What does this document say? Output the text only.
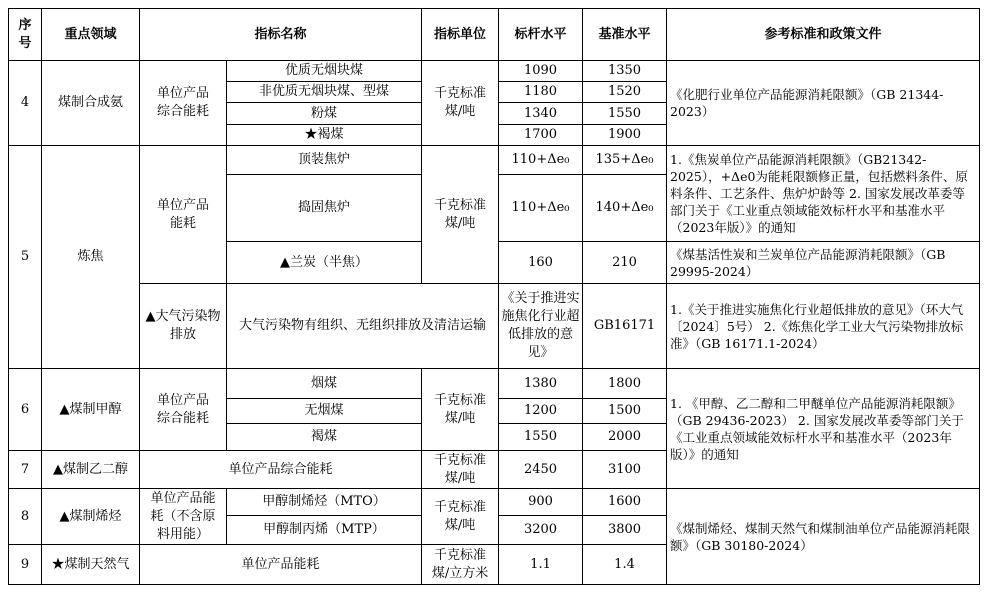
序号	重点领域	指标名称		指标单位	标杆水平	基准水平	参考标准和政策文件
4	煤制合成氨	单位产品综合能耗	优质无烟块煤	千克标准煤/吨	1090	1350	《化肥行业单位产品能源消耗限额》（GB 21344-2023）
			非优质无烟块煤、型煤		1180	1520	
			粉煤		1340	1550	
			★褐煤		1700	1900	
5	炼焦	单位产品能耗	顶装焦炉	千克标准煤/吨	110+Δe₀	135+Δe₀	1.《焦炭单位产品能源消耗限额》（GB21342-2025），+Δe0为能耗限额修正量，包括燃料条件、原料条件、工艺条件、焦炉炉龄等 2. 国家发展改革委等部门关于《工业重点领域能效标杆水平和基准水平（2023年版）》的通知
			捣固焦炉		110+Δe₀	140+Δe₀	
			▲兰炭（半焦）		160	210	《煤基活性炭和兰炭单位产品能源消耗限额》（GB 29995-2024）
		▲大气污染物排放	大气污染物有组织、无组织排放及清洁运输		《关于推进实施焦化行业超低排放的意见》	GB16171	1.《关于推进实施焦化行业超低排放的意见》（环大气〔2024〕5号） 2.《炼焦化学工业大气污染物排放标准》（GB 16171.1-2024）
6	▲煤制甲醇	单位产品综合能耗	烟煤	千克标准煤/吨	1380	1800	1. 《甲醇、乙二醇和二甲醚单位产品能源消耗限额》（GB 29436-2023） 2. 国家发展改革委等部门关于《工业重点领域能效标杆水平和基准水平（2023年版）》的通知
			无烟煤		1200	1500	
			褐煤		1550	2000	
7	▲煤制乙二醇	单位产品综合能耗		千克标准煤/吨	2450	3100	
8	▲煤制烯烃	单位产品能耗（不含原料用能）	甲醇制烯烃（MTO）	千克标准煤/吨	900	1600	《煤制烯烃、煤制天然气和煤制油单位产品能源消耗限额》（GB 30180-2024）
			甲醇制丙烯（MTP）		3200	3800	
9	★煤制天然气	单位产品能耗		千克标准煤/立方米	1.1	1.4	
